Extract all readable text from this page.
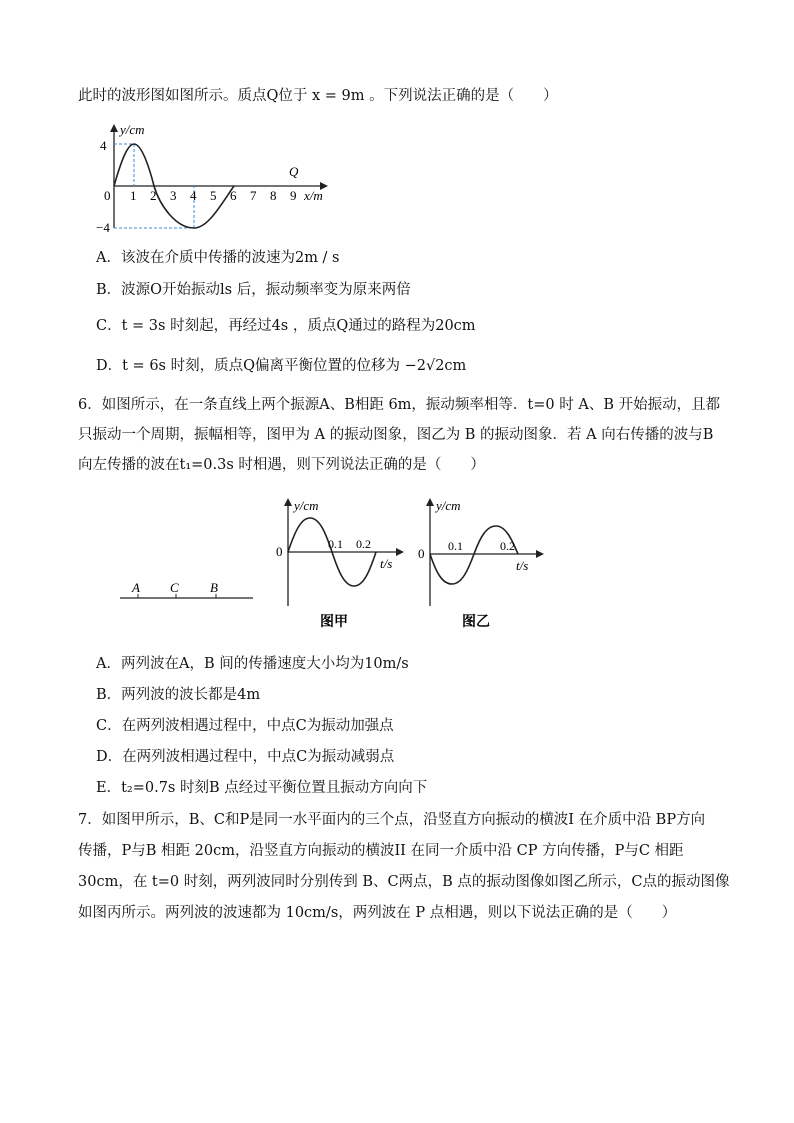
此时的波形图如图所示。质点Q位于 x = 9m 。下列说法正确的是（　　）
y/cm
4
−4
0 1 2 3 4 5 6 7 8 9 x/m
Q
A．该波在介质中传播的波速为2m / s
B．波源O开始振动ls 后，振动频率变为原来两倍
C．t = 3s 时刻起，再经过4s ，质点Q通过的路程为20cm
D．t = 6s 时刻，质点Q偏离平衡位置的位移为 −2√2cm
6．如图所示，在一条直线上两个振源A、B相距 6m，振动频率相等．t=0 时 A、B 开始振动，且都
只振动一个周期，振幅相等，图甲为 A 的振动图象，图乙为 B 的振动图象．若 A 向右传播的波与B
向左传播的波在t₁=0.3s 时相遇，则下列说法正确的是（　　）
A C B
y/cm
0	0.1 0.2
t/s
图甲
y/cm
0 0.1	0.2
t/s
图乙
A．两列波在A，B 间的传播速度大小均为10m/s
B．两列波的波长都是4m
C．在两列波相遇过程中，中点C为振动加强点
D．在两列波相遇过程中，中点C为振动减弱点
E．t₂=0.7s 时刻B 点经过平衡位置且振动方向向下
7．如图甲所示，B、C和P是同一水平面内的三个点，沿竖直方向振动的横波I 在介质中沿 BP方向
传播，P与B 相距 20cm，沿竖直方向振动的横波II 在同一介质中沿 CP 方向传播，P与C 相距
30cm，在 t=0 时刻，两列波同时分别传到 B、C两点，B 点的振动图像如图乙所示，C点的振动图像
如图丙所示。两列波的波速都为 10cm/s，两列波在 P 点相遇，则以下说法正确的是（　　）
